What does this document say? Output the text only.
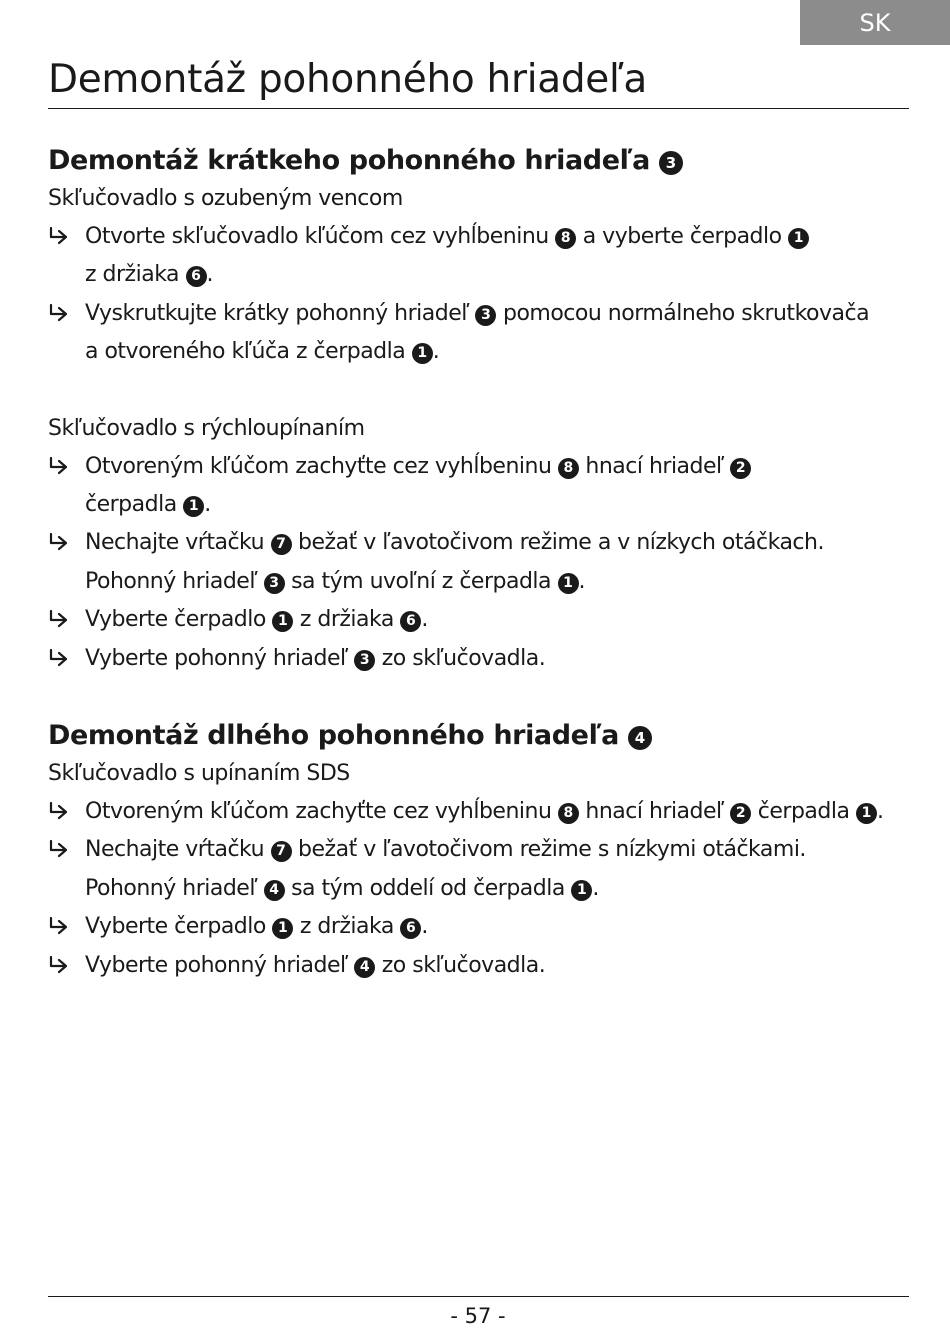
SK
Demontáž pohonného hriadeľa
Demontáž krátkeho pohonného hriadeľa 3
Skľučovadlo s ozubeným vencom
Otvorte skľučovadlo kľúčom cez vyhĺbeninu 8 a vyberte čerpadlo 1
z držiaka 6 .
Vyskrutkujte krátky pohonný hriadeľ 3 pomocou normálneho skrutkovača
a otvoreného kľúča z čerpadla 1 .
Skľučovadlo s rýchloupínaním
Otvoreným kľúčom zachyťte cez vyhĺbeninu 8 hnací hriadeľ 2
čerpadla 1 .
Nechajte vŕtačku 7 bežať v ľavotočivom režime a v nízkych otáčkach.
Pohonný hriadeľ 3 sa tým uvoľní z čerpadla 1 .
Vyberte čerpadlo 1 z držiaka 6 .
Vyberte pohonný hriadeľ 3 zo skľučovadla.
Demontáž dlhého pohonného hriadeľa 4
Skľučovadlo s upínaním SDS
Otvoreným kľúčom zachyťte cez vyhĺbeninu 8 hnací hriadeľ 2 čerpadla 1 .
Nechajte vŕtačku 7 bežať v ľavotočivom režime s nízkymi otáčkami.
Pohonný hriadeľ 4 sa tým oddelí od čerpadla 1 .
Vyberte čerpadlo 1 z držiaka 6 .
Vyberte pohonný hriadeľ 4 zo skľučovadla.
- 57 -
